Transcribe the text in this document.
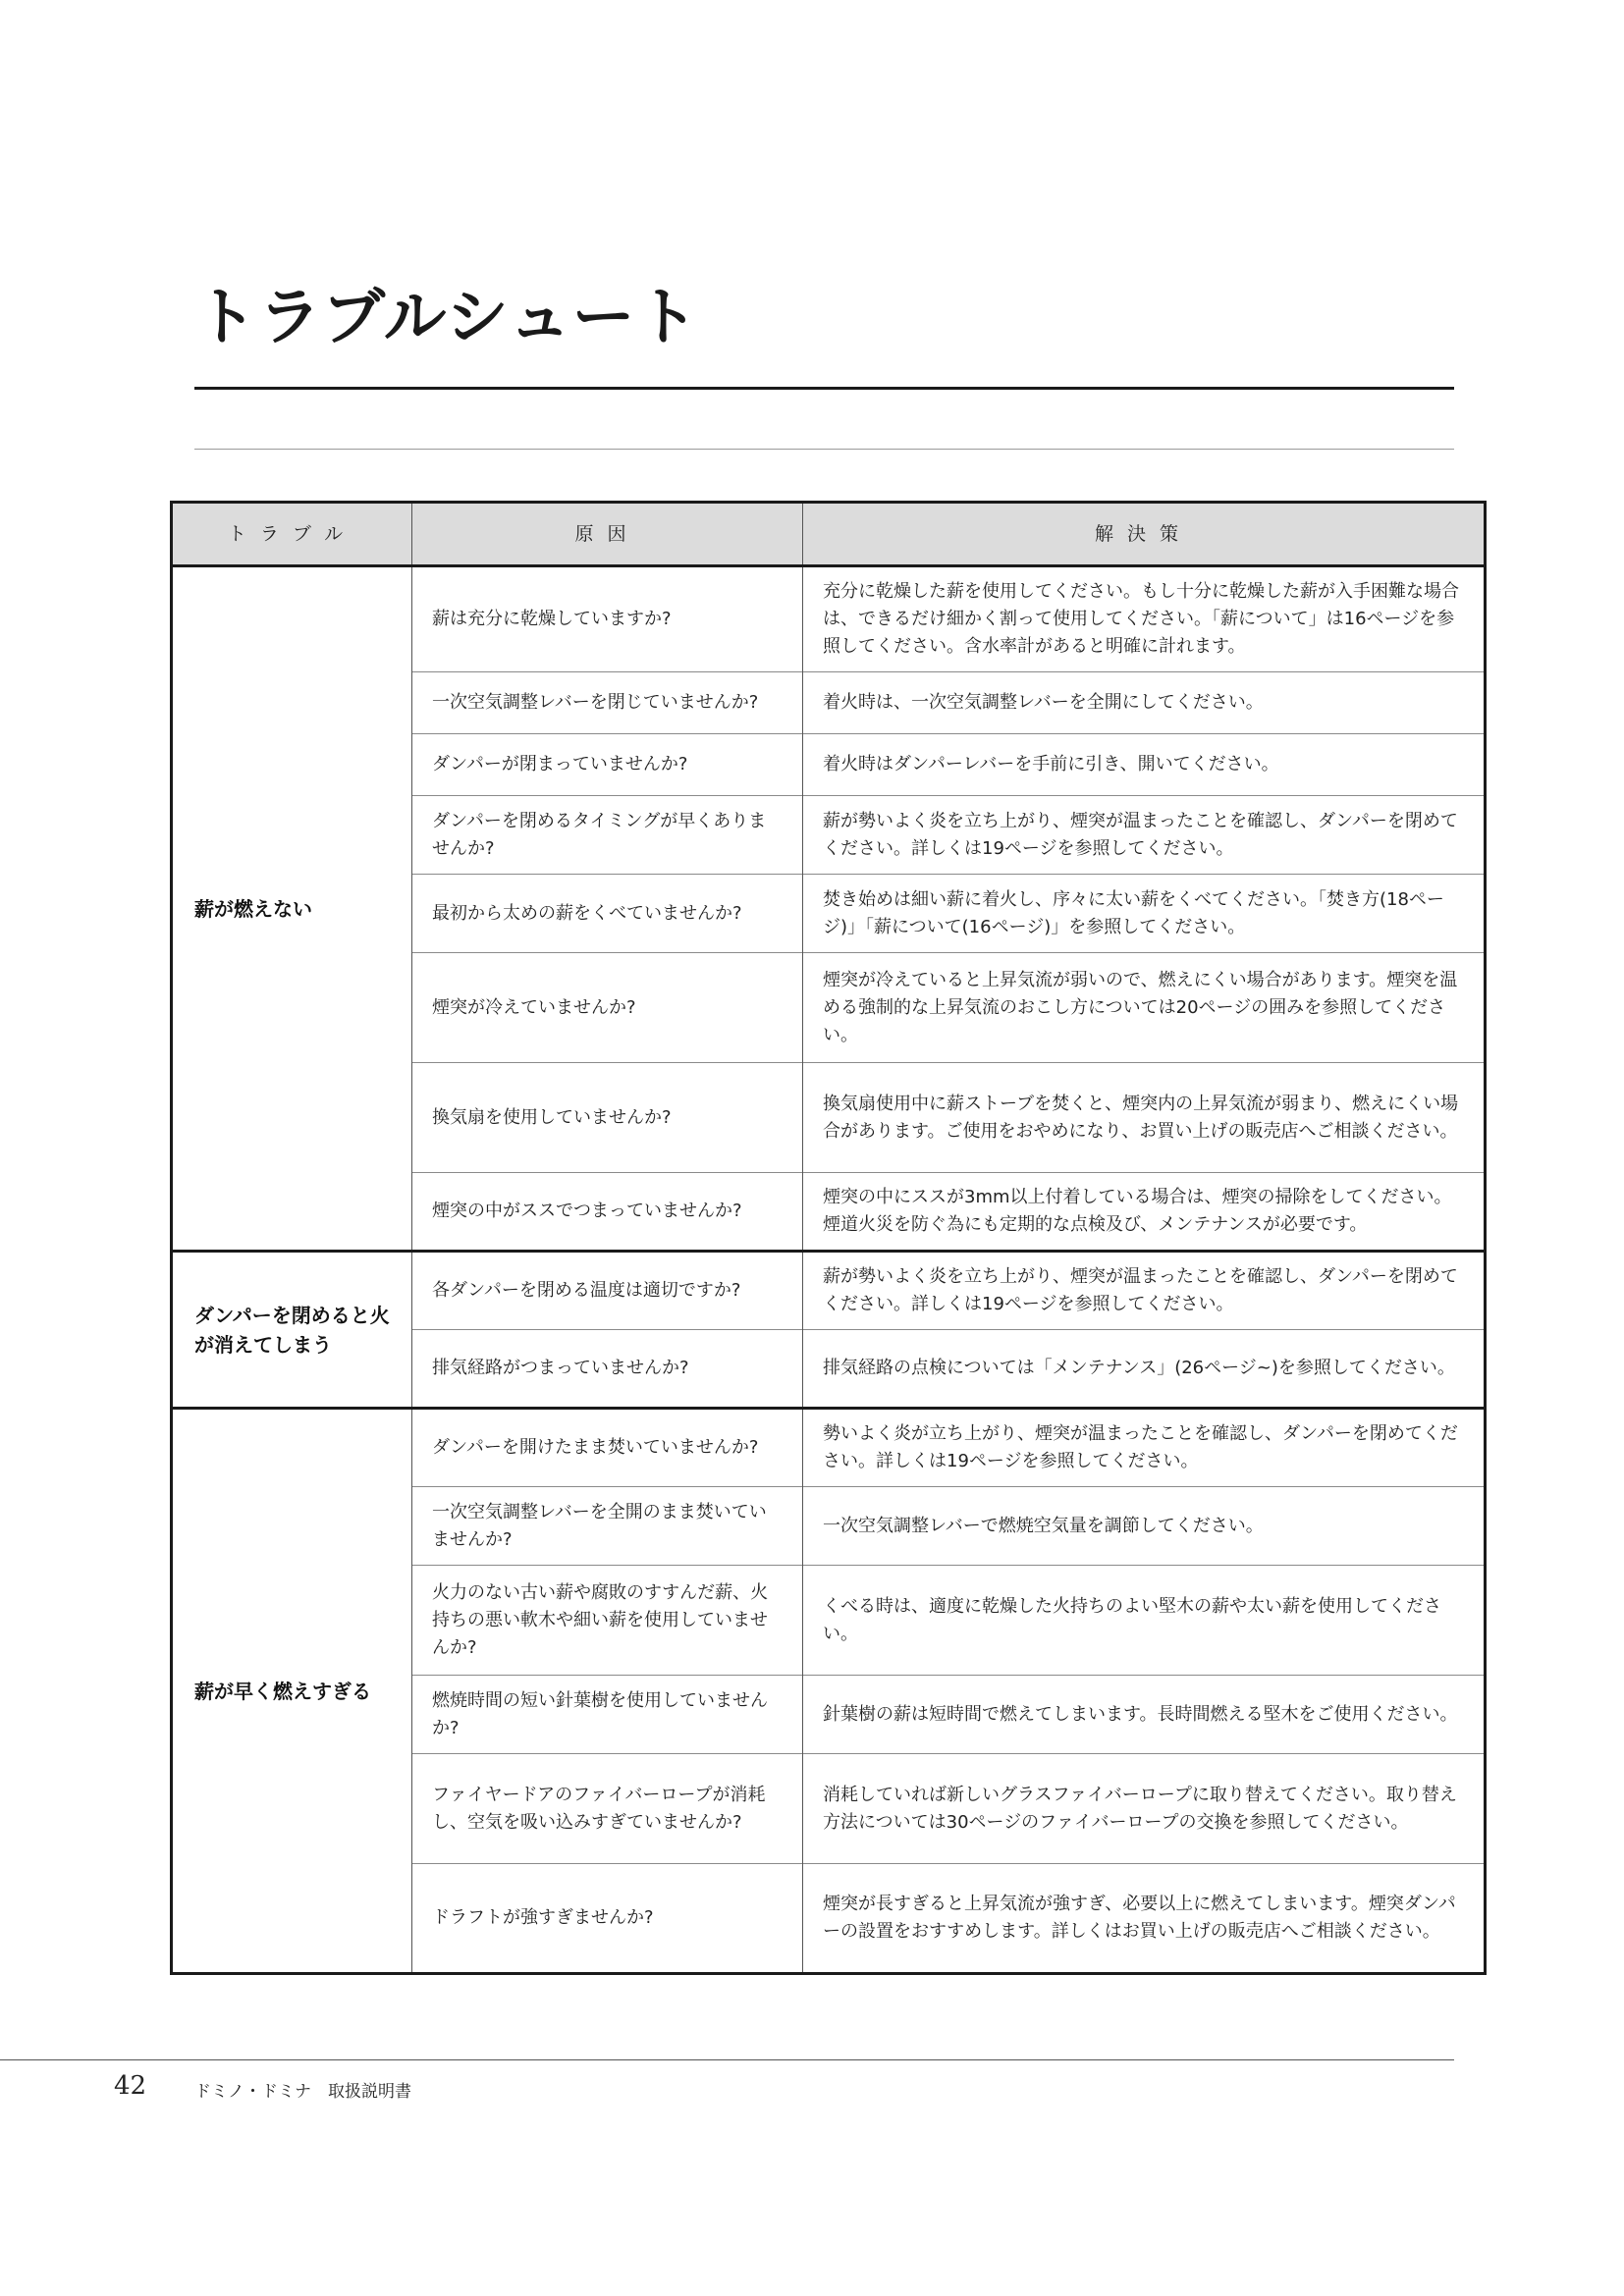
トラブルシュート
トラブル	原因	解決策
薪が燃えない	薪は充分に乾燥していますか?	充分に乾燥した薪を使用してください。もし十分に乾燥した薪が入手困難な場合は、できるだけ細かく割って使用してください。「薪について」は16ページを参照してください。含水率計があると明確に計れます。
	一次空気調整レバーを閉じていませんか?	着火時は、一次空気調整レバーを全開にしてください。
	ダンパーが閉まっていませんか?	着火時はダンパーレバーを手前に引き、開いてください。
	ダンパーを閉めるタイミングが早くありませんか?	薪が勢いよく炎を立ち上がり、煙突が温まったことを確認し、ダンパーを閉めてください。詳しくは19ページを参照してください。
	最初から太めの薪をくべていませんか?	焚き始めは細い薪に着火し、序々に太い薪をくべてください。「焚き方(18ページ)」「薪について(16ページ)」を参照してください。
	煙突が冷えていませんか?	煙突が冷えていると上昇気流が弱いので、燃えにくい場合があります。煙突を温める強制的な上昇気流のおこし方については20ページの囲みを参照してください。
	換気扇を使用していませんか?	換気扇使用中に薪ストーブを焚くと、煙突内の上昇気流が弱まり、燃えにくい場合があります。ご使用をおやめになり、お買い上げの販売店へご相談ください。
	煙突の中がススでつまっていませんか?	煙突の中にススが3mm以上付着している場合は、煙突の掃除をしてください。煙道火災を防ぐ為にも定期的な点検及び、メンテナンスが必要です。
ダンパーを閉めると火が消えてしまう	各ダンパーを閉める温度は適切ですか?	薪が勢いよく炎を立ち上がり、煙突が温まったことを確認し、ダンパーを閉めてください。詳しくは19ページを参照してください。
	排気経路がつまっていませんか?	排気経路の点検については「メンテナンス」(26ページ~)を参照してください。
薪が早く燃えすぎる	ダンパーを開けたまま焚いていませんか?	勢いよく炎が立ち上がり、煙突が温まったことを確認し、ダンパーを閉めてください。詳しくは19ページを参照してください。
	一次空気調整レバーを全開のまま焚いていませんか?	一次空気調整レバーで燃焼空気量を調節してください。
	火力のない古い薪や腐敗のすすんだ薪、火持ちの悪い軟木や細い薪を使用していませんか?	くべる時は、適度に乾燥した火持ちのよい堅木の薪や太い薪を使用してください。
	燃焼時間の短い針葉樹を使用していませんか?	針葉樹の薪は短時間で燃えてしまいます。長時間燃える堅木をご使用ください。
	ファイヤードアのファイバーロープが消耗し、空気を吸い込みすぎていませんか?	消耗していれば新しいグラスファイバーロープに取り替えてください。取り替え方法については30ページのファイバーロープの交換を参照してください。
	ドラフトが強すぎませんか?	煙突が長すぎると上昇気流が強すぎ、必要以上に燃えてしまいます。煙突ダンパーの設置をおすすめします。詳しくはお買い上げの販売店へご相談ください。
42	ドミノ・ドミナ　取扱説明書
